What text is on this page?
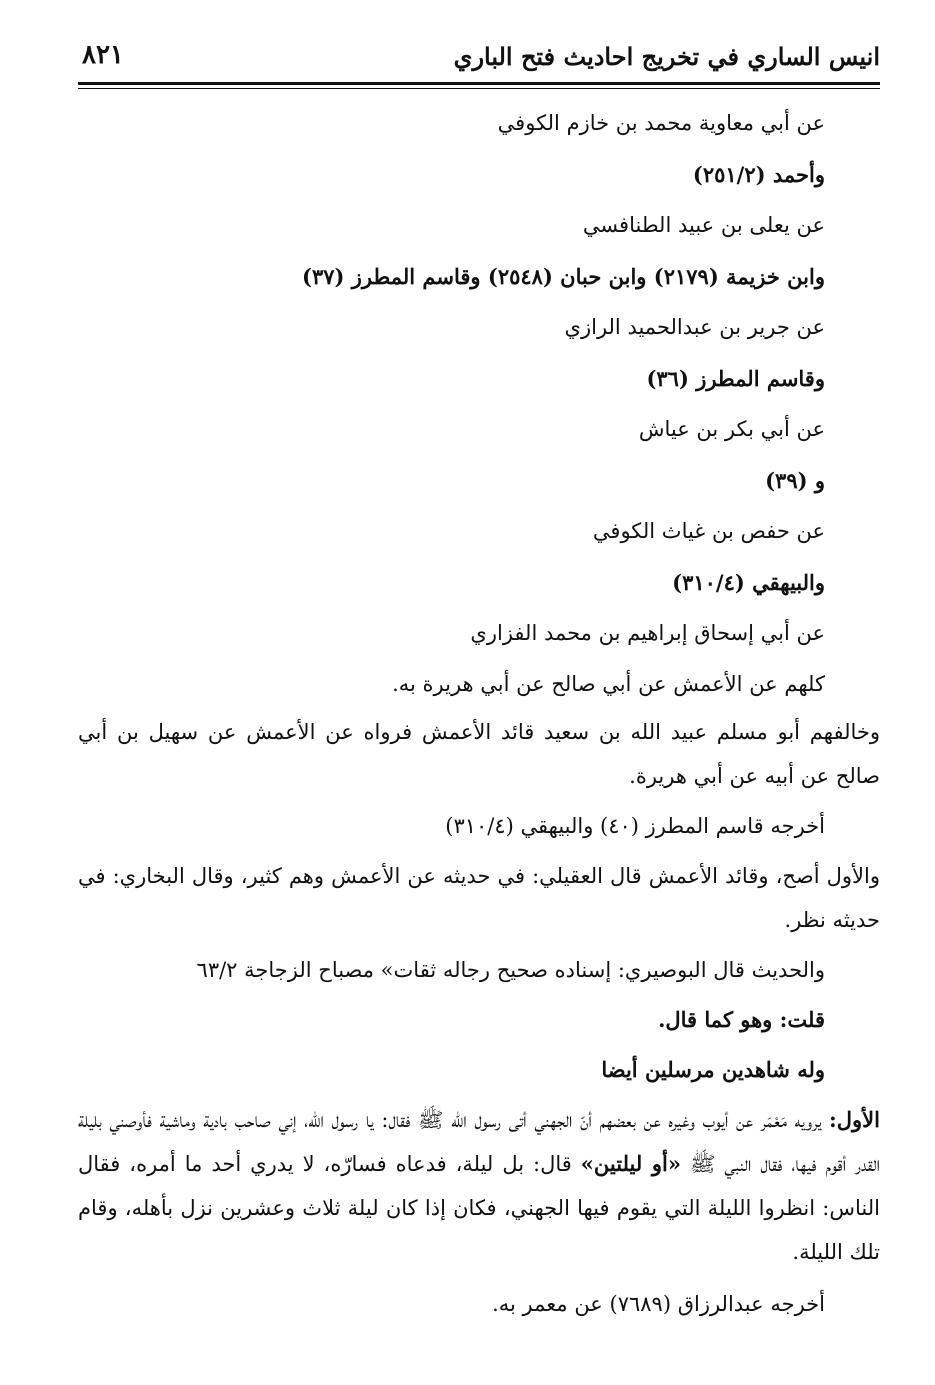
انيس الساري في تخريج احاديث فتح الباري
٨٢١
عن أبي معاوية محمد بن خازم الكوفي
وأحمد (٢٥١/٢)
عن يعلى بن عبيد الطنافسي
وابن خزيمة (٢١٧٩) وابن حبان (٢٥٤٨) وقاسم المطرز (٣٧)
عن جرير بن عبدالحميد الرازي
وقاسم المطرز (٣٦)
عن أبي بكر بن عياش
و (٣٩)
عن حفص بن غياث الكوفي
والبيهقي (٣١٠/٤)
عن أبي إسحاق إبراهيم بن محمد الفزاري
كلهم عن الأعمش عن أبي صالح عن أبي هريرة به.
وخالفهم أبو مسلم عبيد الله بن سعيد قائد الأعمش فرواه عن الأعمش عن سهيل بن أبي صالح عن أبيه عن أبي هريرة.
أخرجه قاسم المطرز (٤٠) والبيهقي (٣١٠/٤)
والأول أصح، وقائد الأعمش قال العقيلي: في حديثه عن الأعمش وهم كثير، وقال البخاري: في حديثه نظر.
والحديث قال البوصيري: إسناده صحيح رجاله ثقات» مصباح الزجاجة ٦٣/٢
قلت: وهو كما قال.
وله شاهدين مرسلين أيضا
الأول: يرويه مَعْمَر عن أيوب وغيره عن بعضهم أنّ الجهني أتى رسول الله ﷺ فقال: يا رسول الله، إني صاحب بادية وماشية فأوصني بليلة القدر أقوم فيها، فقال النبي ﷺ «أو ليلتين» قال: بل ليلة، فدعاه فسارّه، لا يدري أحد ما أمره، فقال الناس: انظروا الليلة التي يقوم فيها الجهني، فكان إذا كان ليلة ثلاث وعشرين نزل بأهله، وقام تلك الليلة.
أخرجه عبدالرزاق (٧٦٨٩) عن معمر به.
